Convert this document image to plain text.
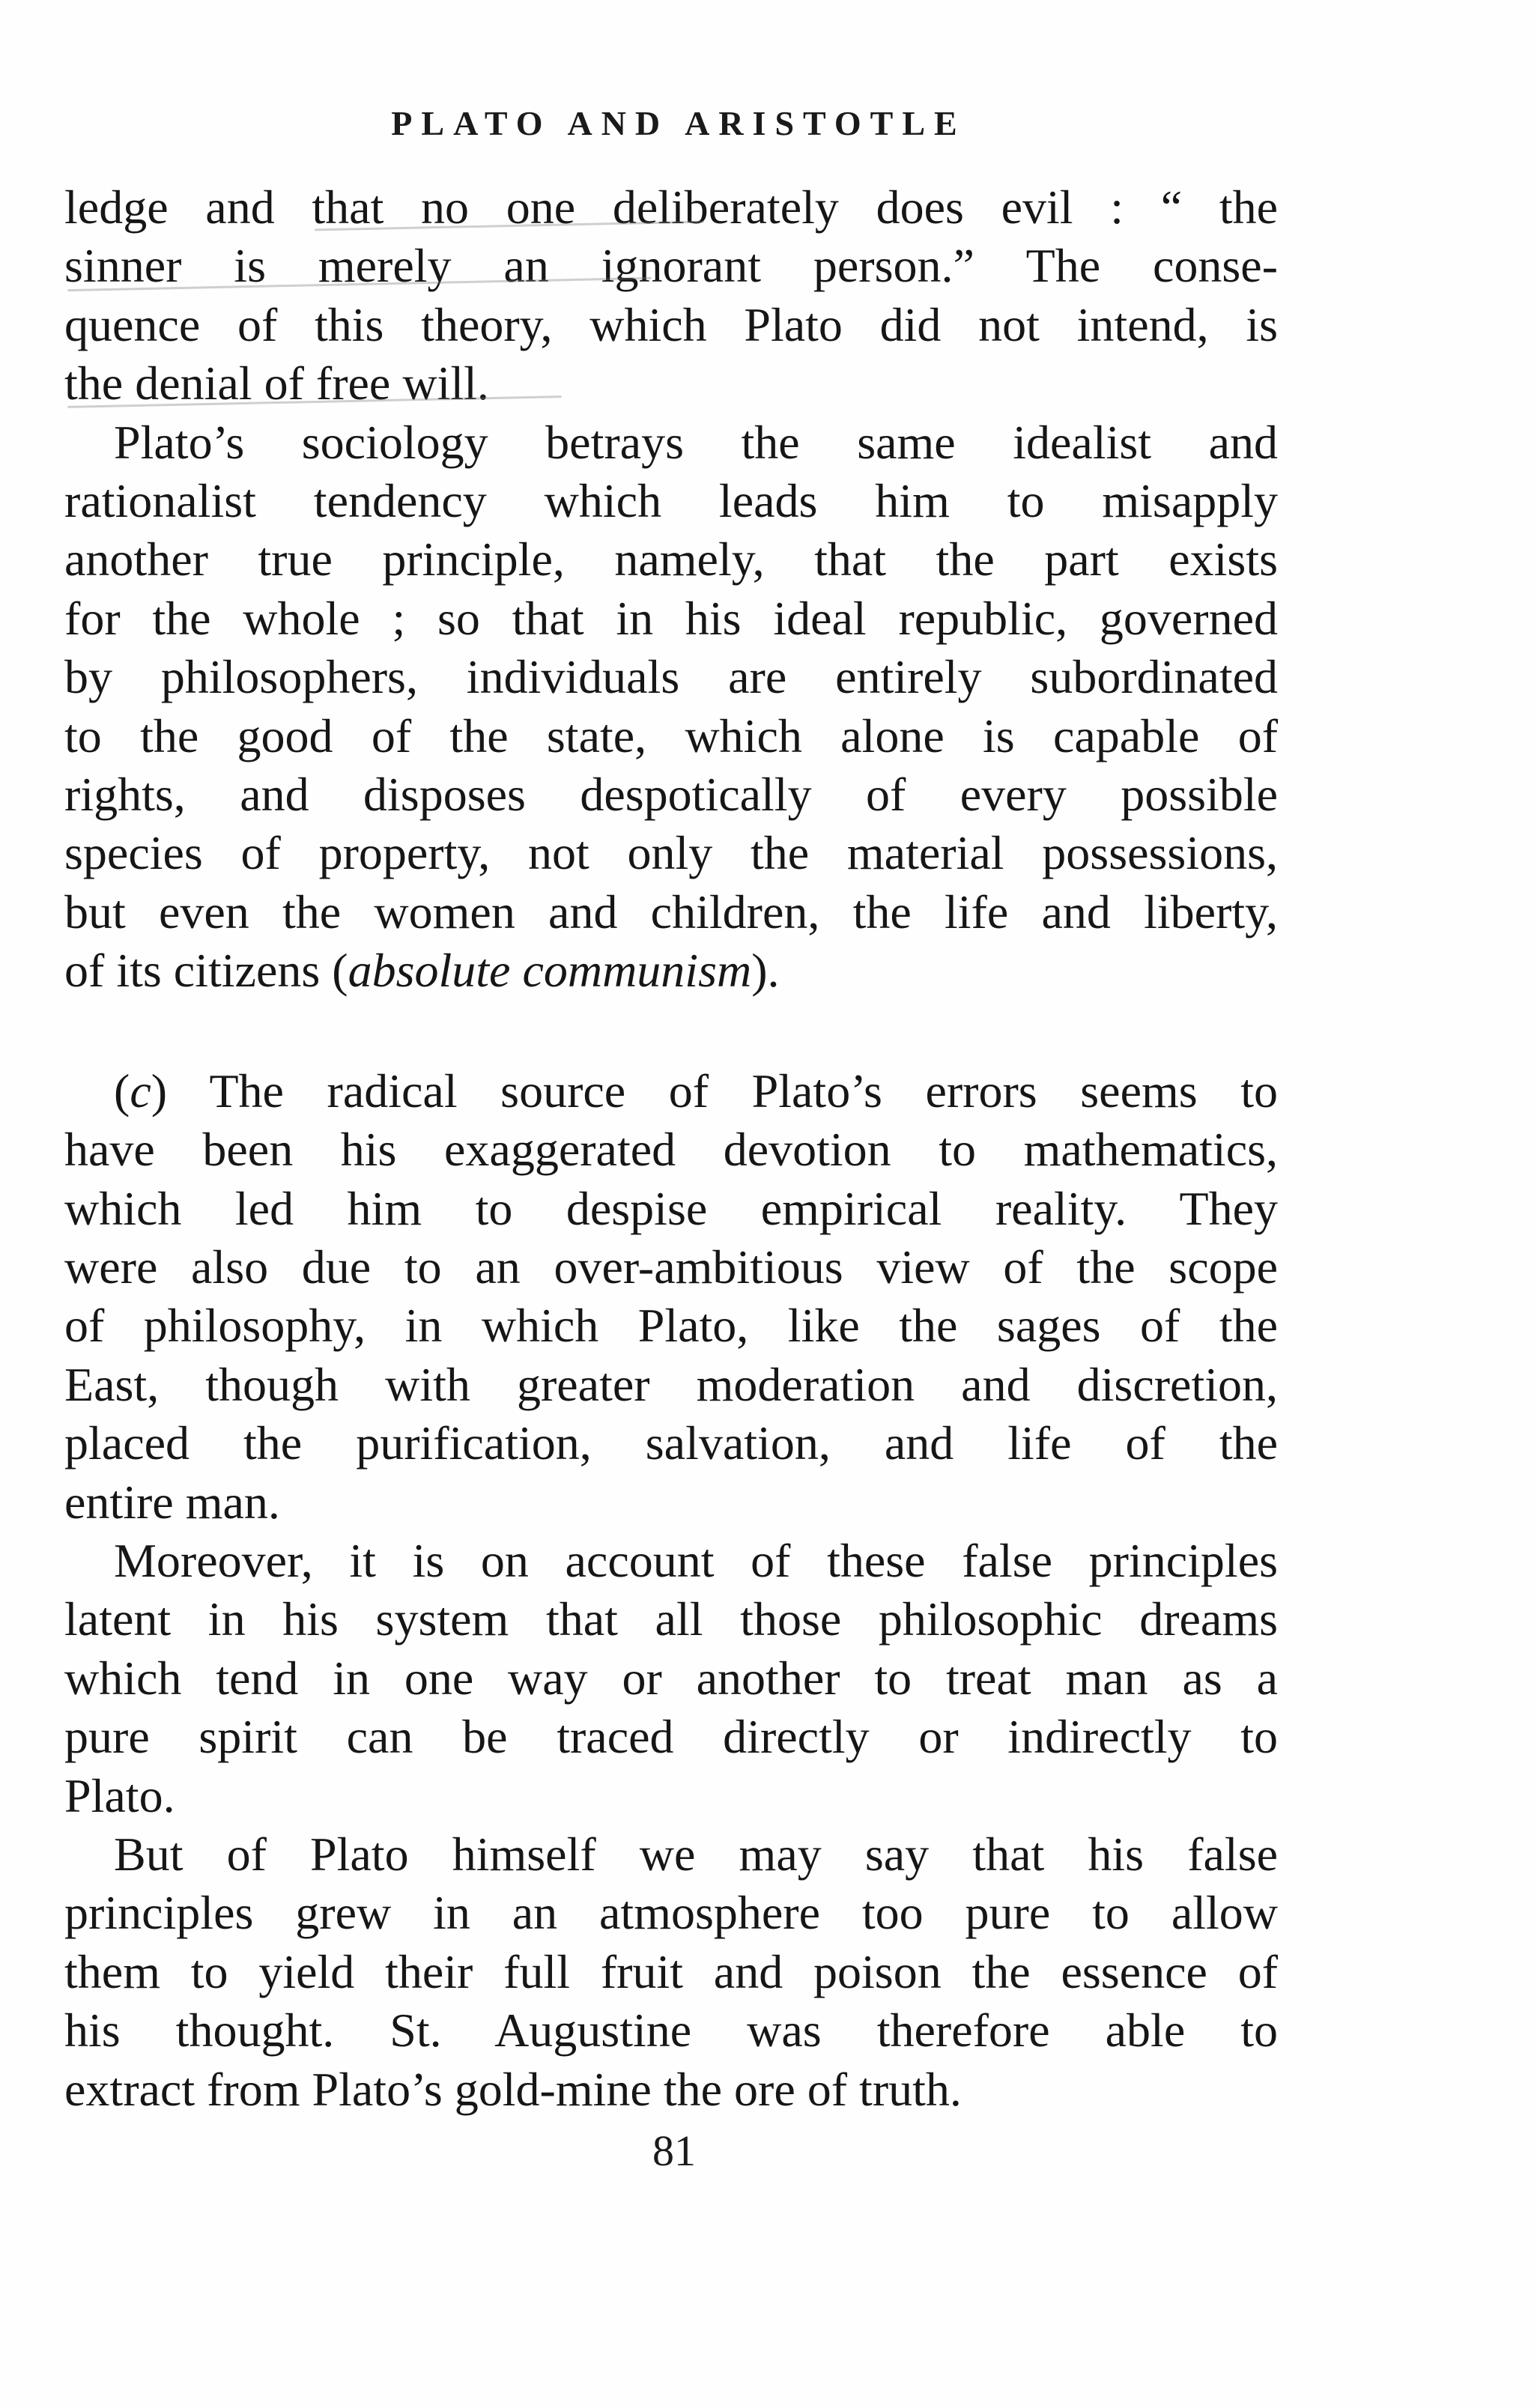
PLATO AND ARISTOTLE

ledge and that no one deliberately does evil : “ the
sinner is merely an ignorant person.” The conse-
quence of this theory, which Plato did not intend, is
the denial of free will.

Plato’s sociology betrays the same idealist and
rationalist tendency which leads him to misapply
another true principle, namely, that the part exists
for the whole ; so that in his ideal republic, governed
by philosophers, individuals are entirely subordinated
to the good of the state, which alone is capable of
rights, and disposes despotically of every possible
species of property, not only the material possessions,
but even the women and children, the life and liberty,
of its citizens (absolute communism).

(c) The radical source of Plato’s errors seems to
have been his exaggerated devotion to mathematics,
which led him to despise empirical reality. They
were also due to an over-ambitious view of the scope
of philosophy, in which Plato, like the sages of the
East, though with greater moderation and discretion,
placed the purification, salvation, and life of the
entire man.

Moreover, it is on account of these false principles
latent in his system that all those philosophic dreams
which tend in one way or another to treat man as a
pure spirit can be traced directly or indirectly to
Plato.

But of Plato himself we may say that his false
principles grew in an atmosphere too pure to allow
them to yield their full fruit and poison the essence of
his thought. St. Augustine was therefore able to
extract from Plato’s gold-mine the ore of truth.

81
